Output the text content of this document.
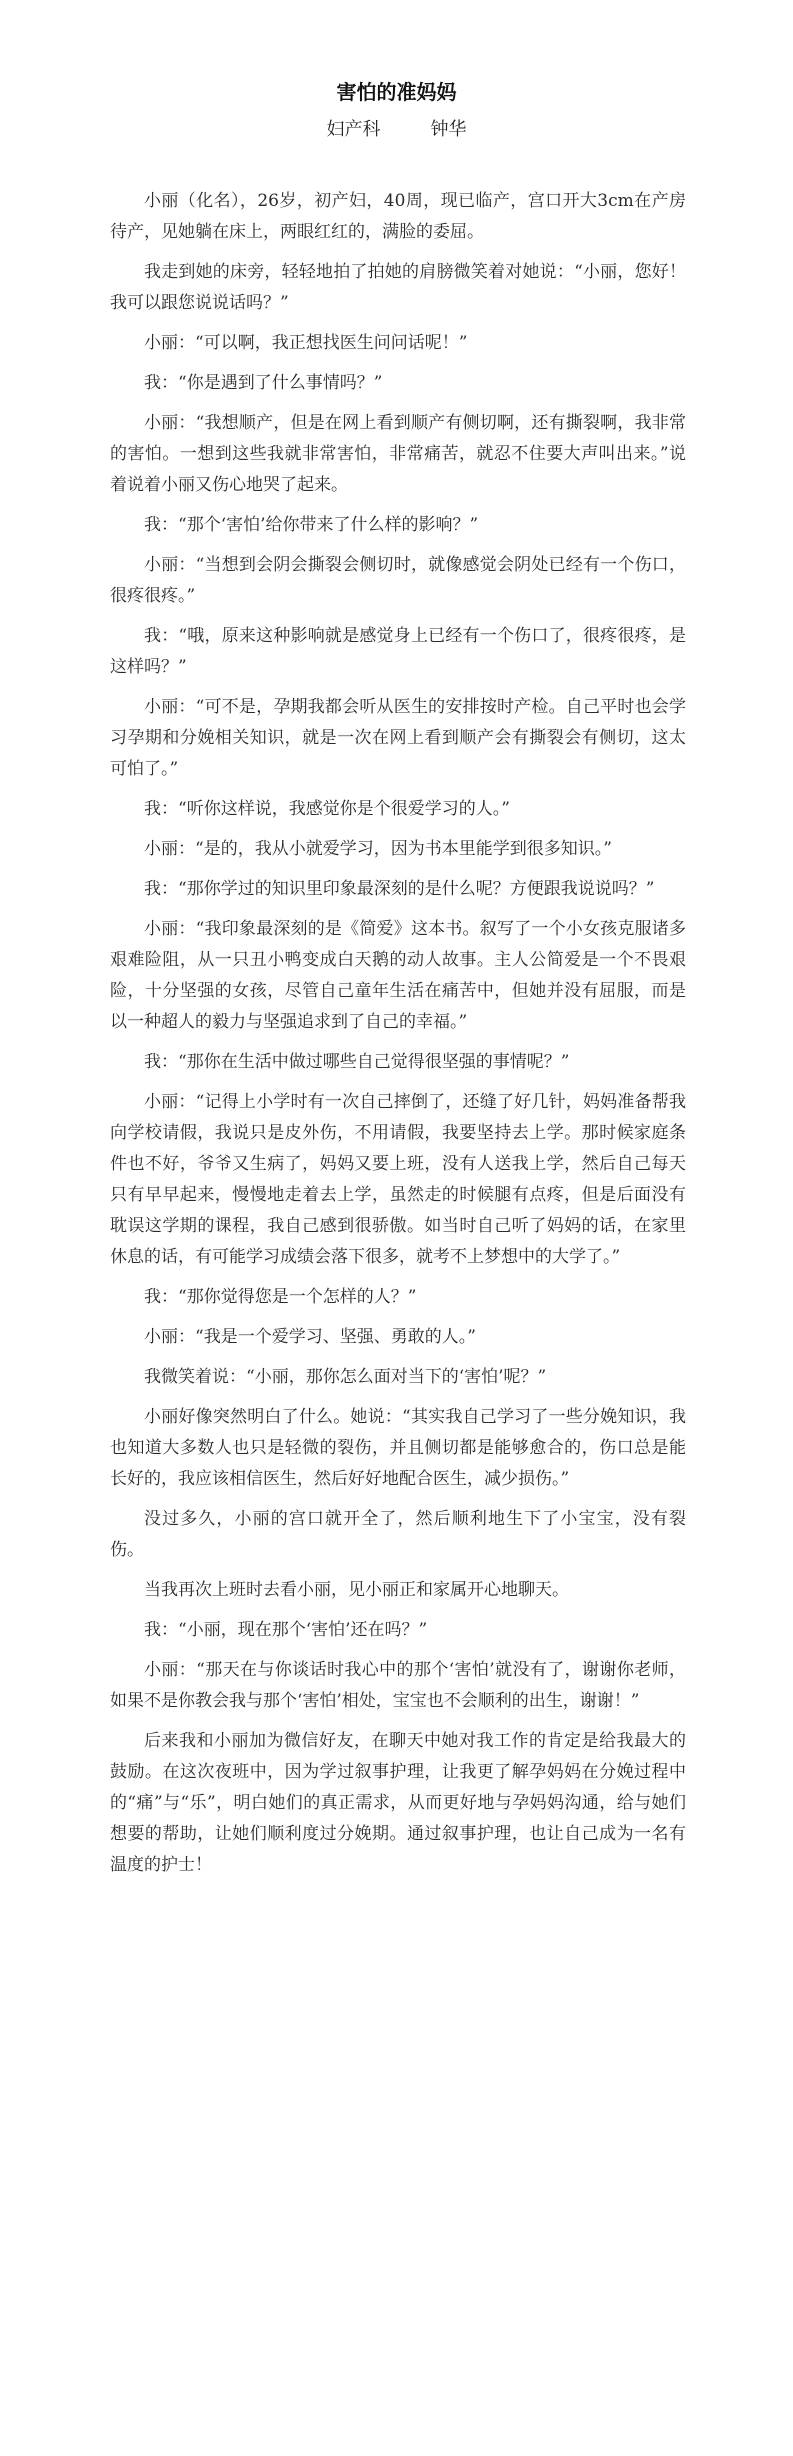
害怕的准妈妈
妇产科	钟华

小丽（化名），26岁，初产妇，40周，现已临产，宫口开大3cm在产房待产，见她躺在床上，两眼红红的，满脸的委屈。

我走到她的床旁，轻轻地拍了拍她的肩膀微笑着对她说：“小丽，您好！我可以跟您说说话吗？”

小丽：“可以啊，我正想找医生问问话呢！”

我：“你是遇到了什么事情吗？”

小丽：“我想顺产，但是在网上看到顺产有侧切啊，还有撕裂啊，我非常的害怕。一想到这些我就非常害怕，非常痛苦，就忍不住要大声叫出来。”说着说着小丽又伤心地哭了起来。

我：“那个‘害怕’给你带来了什么样的影响？”

小丽：“当想到会阴会撕裂会侧切时，就像感觉会阴处已经有一个伤口，很疼很疼。”

我：“哦，原来这种影响就是感觉身上已经有一个伤口了，很疼很疼，是这样吗？”

小丽：“可不是，孕期我都会听从医生的安排按时产检。自己平时也会学习孕期和分娩相关知识，就是一次在网上看到顺产会有撕裂会有侧切，这太可怕了。”

我：“听你这样说，我感觉你是个很爱学习的人。”

小丽：“是的，我从小就爱学习，因为书本里能学到很多知识。”

我：“那你学过的知识里印象最深刻的是什么呢？方便跟我说说吗？”

小丽：“我印象最深刻的是《简爱》这本书。叙写了一个小女孩克服诸多艰难险阻，从一只丑小鸭变成白天鹅的动人故事。主人公简爱是一个不畏艰险，十分坚强的女孩，尽管自己童年生活在痛苦中，但她并没有屈服，而是以一种超人的毅力与坚强追求到了自己的幸福。”

我：“那你在生活中做过哪些自己觉得很坚强的事情呢？”

小丽：“记得上小学时有一次自己摔倒了，还缝了好几针，妈妈准备帮我向学校请假，我说只是皮外伤，不用请假，我要坚持去上学。那时候家庭条件也不好，爷爷又生病了，妈妈又要上班，没有人送我上学，然后自己每天只有早早起来，慢慢地走着去上学，虽然走的时候腿有点疼，但是后面没有耽误这学期的课程，我自己感到很骄傲。如当时自己听了妈妈的话，在家里休息的话，有可能学习成绩会落下很多，就考不上梦想中的大学了。”

我：“那你觉得您是一个怎样的人？”

小丽：“我是一个爱学习、坚强、勇敢的人。”

我微笑着说：“小丽，那你怎么面对当下的‘害怕’呢？”

小丽好像突然明白了什么。她说：“其实我自己学习了一些分娩知识，我也知道大多数人也只是轻微的裂伤，并且侧切都是能够愈合的，伤口总是能长好的，我应该相信医生，然后好好地配合医生，减少损伤。”

没过多久，小丽的宫口就开全了，然后顺利地生下了小宝宝，没有裂伤。

当我再次上班时去看小丽，见小丽正和家属开心地聊天。

我：“小丽，现在那个‘害怕’还在吗？”

小丽：“那天在与你谈话时我心中的那个‘害怕’就没有了，谢谢你老师，如果不是你教会我与那个‘害怕’相处，宝宝也不会顺利的出生，谢谢！”

后来我和小丽加为微信好友，在聊天中她对我工作的肯定是给我最大的鼓励。在这次夜班中，因为学过叙事护理，让我更了解孕妈妈在分娩过程中的“痛”与“乐”，明白她们的真正需求，从而更好地与孕妈妈沟通，给与她们想要的帮助，让她们顺利度过分娩期。通过叙事护理，也让自己成为一名有温度的护士！
